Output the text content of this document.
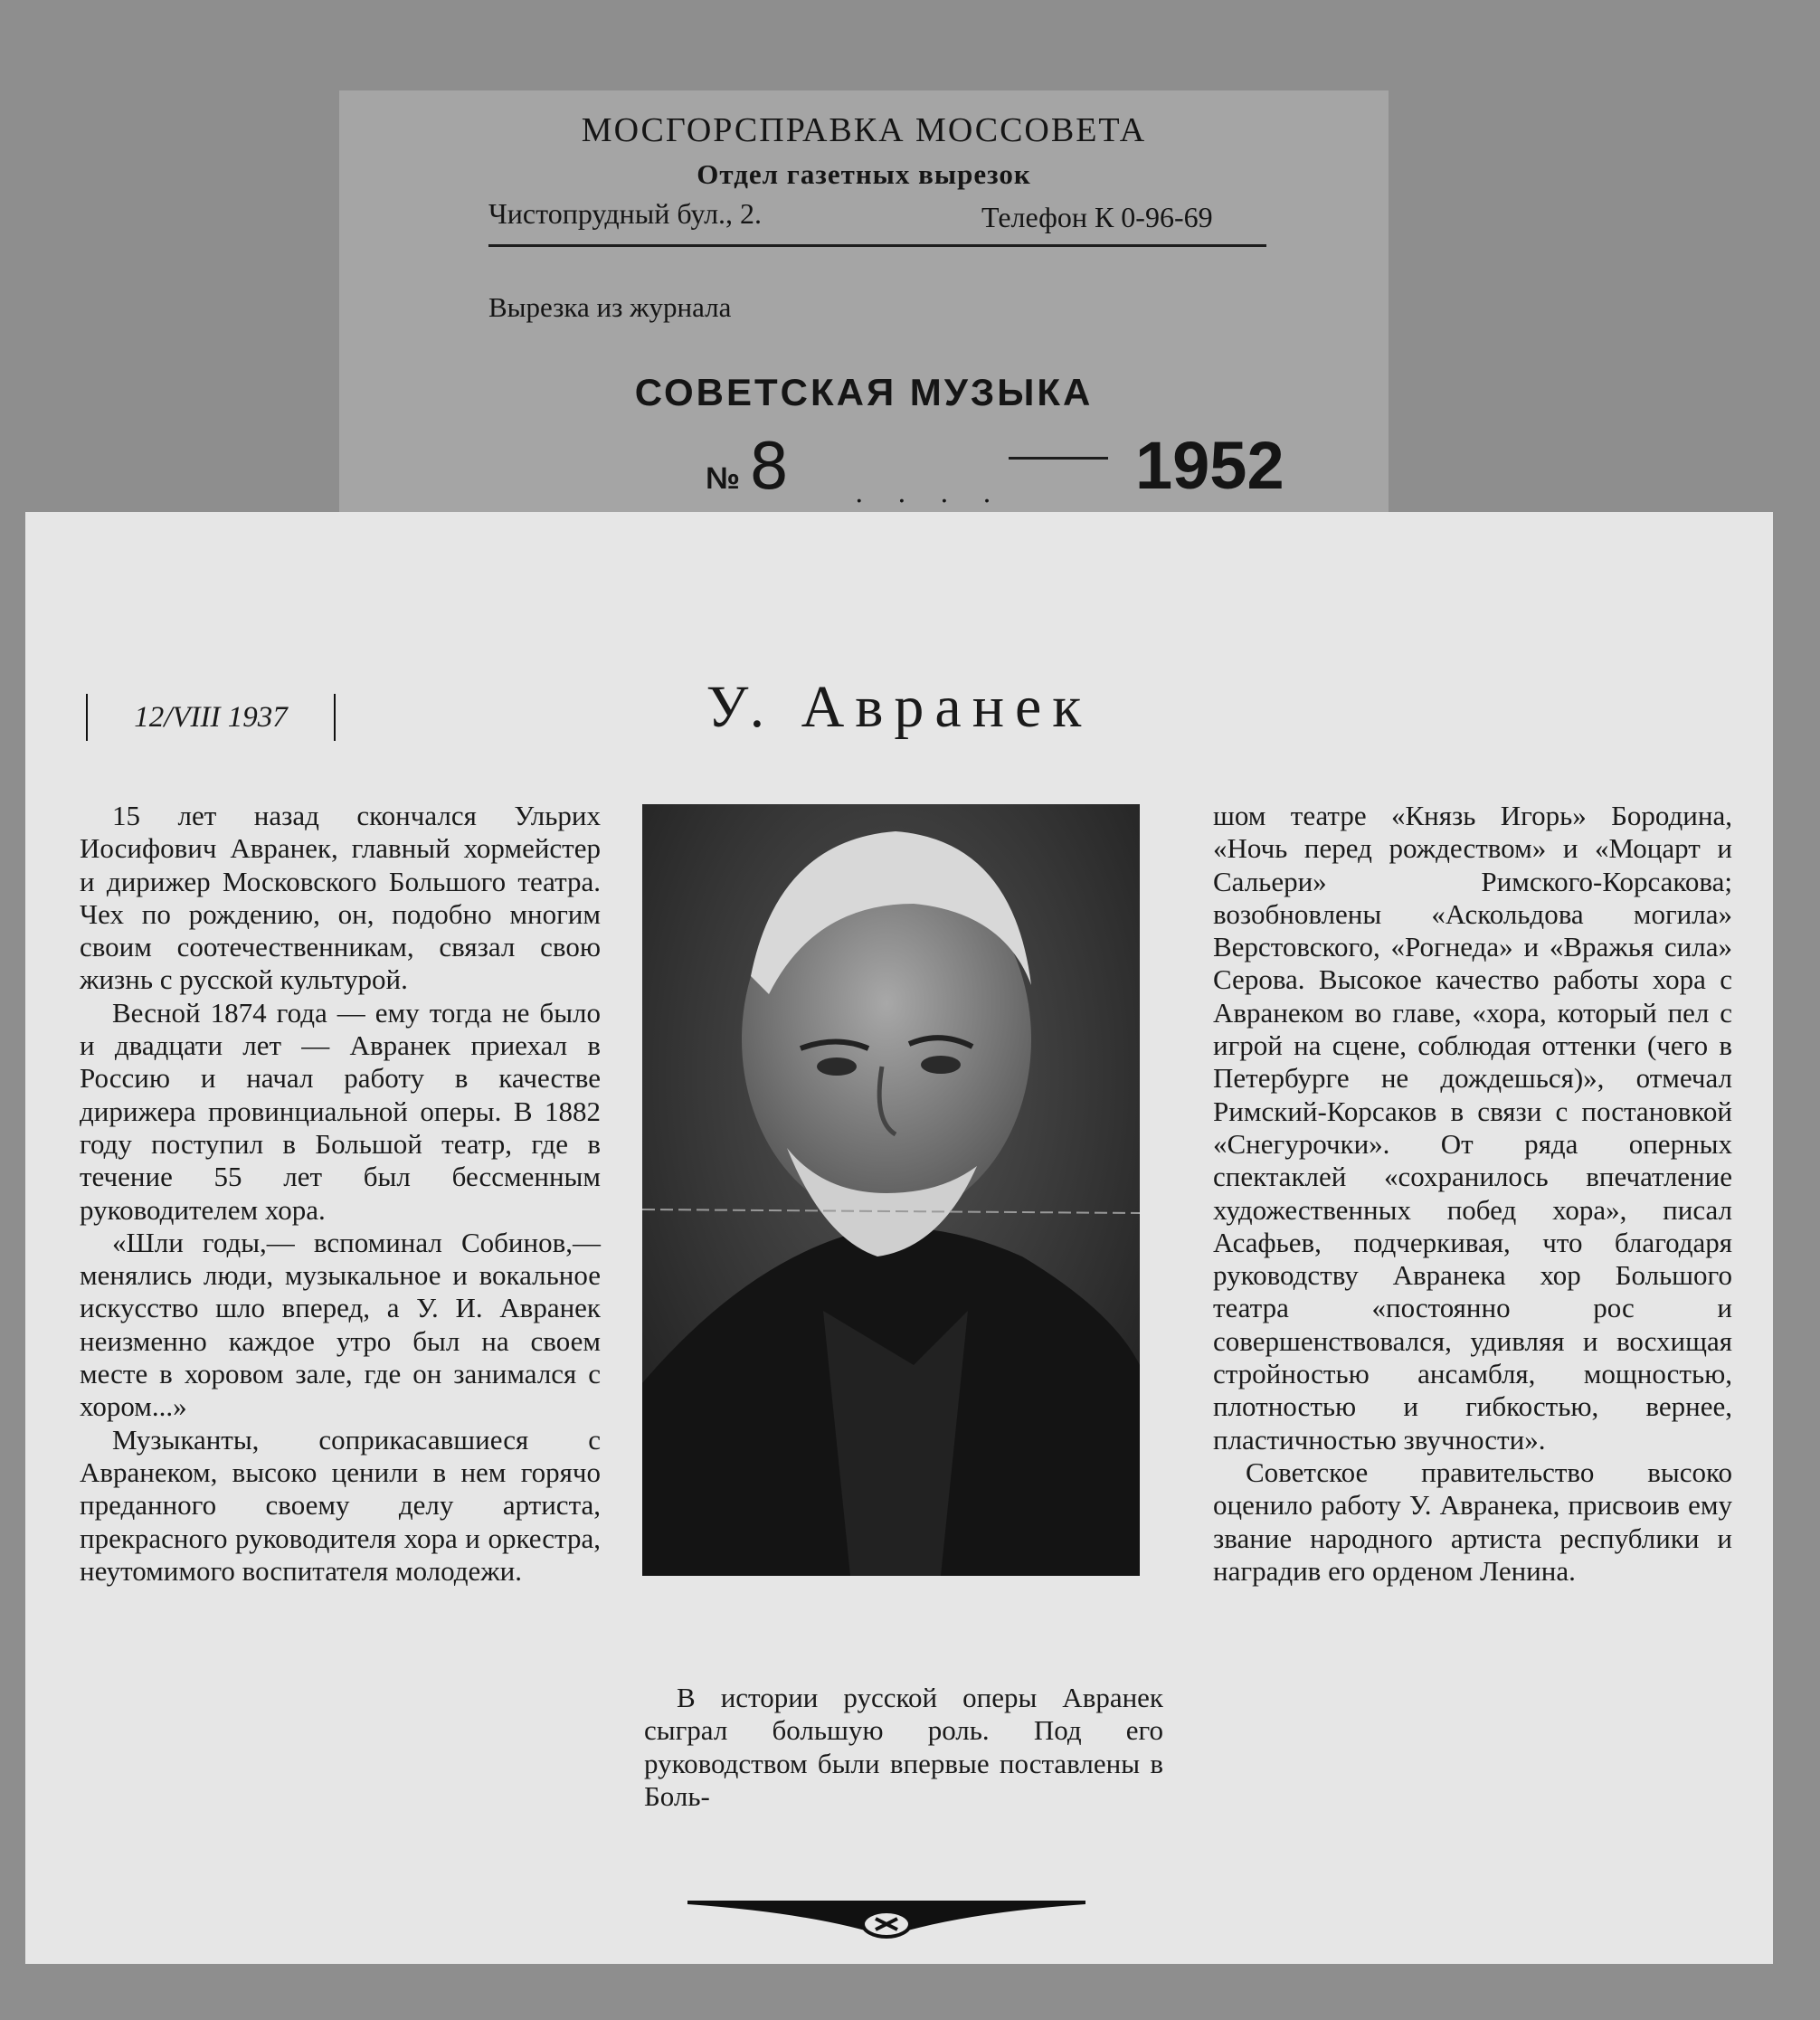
МОСГОРСПРАВКА МОССОВЕТА
Отдел газетных вырезок
Чистопрудный бул., 2.	Телефон К 0-96-69
Вырезка из журнала
СОВЕТСКАЯ МУЗЫКА
№ 8 . . . . 1952
12/VIII 1937	У. Авранек

15 лет назад скончался Ульрих Иосифович Авранек, главный хормейстер и дирижер Московского Большого театра. Чех по рождению, он, подобно многим своим соотечественникам, связал свою жизнь с русской культурой.

Весной 1874 года — ему тогда не было и двадцати лет — Авранек приехал в Россию и начал работу в качестве дирижера провинциальной оперы. В 1882 году поступил в Большой театр, где в течение 55 лет был бессменным руководителем хора.

«Шли годы,— вспоминал Собинов,— менялись люди, музыкальное и вокальное искусство шло вперед, а У. И. Авранек неизменно каждое утро был на своем месте в хоровом зале, где он занимался с хором...»

Музыканты, соприкасавшиеся с Авранеком, высоко ценили в нем горячо преданного своему делу артиста, прекрасного руководителя хора и оркестра, неутомимого воспитателя молодежи.

В истории русской оперы Авранек сыграл большую роль. Под его руководством были впервые поставлены в Боль-

шом театре «Князь Игорь» Бородина, «Ночь перед рождеством» и «Моцарт и Сальери» Римского-Корсакова; возобновлены «Аскольдова могила» Верстовского, «Рогнеда» и «Вражья сила» Серова. Высокое качество работы хора с Авранеком во главе, «хора, который пел с игрой на сцене, соблюдая оттенки (чего в Петербурге не дождешься)», отмечал Римский-Корсаков в связи с постановкой «Снегурочки». От ряда оперных спектаклей «сохранилось впечатление художественных побед хора», писал Асафьев, подчеркивая, что благодаря руководству Авранека хор Большого театра «постоянно рос и совершенствовался, удивляя и восхищая стройностью ансамбля, мощностью, плотностью и гибкостью, вернее, пластичностью звучности».

Советское правительство высоко оценило работу У. Авранека, присвоив ему звание народного артиста республики и наградив его орденом Ленина.
